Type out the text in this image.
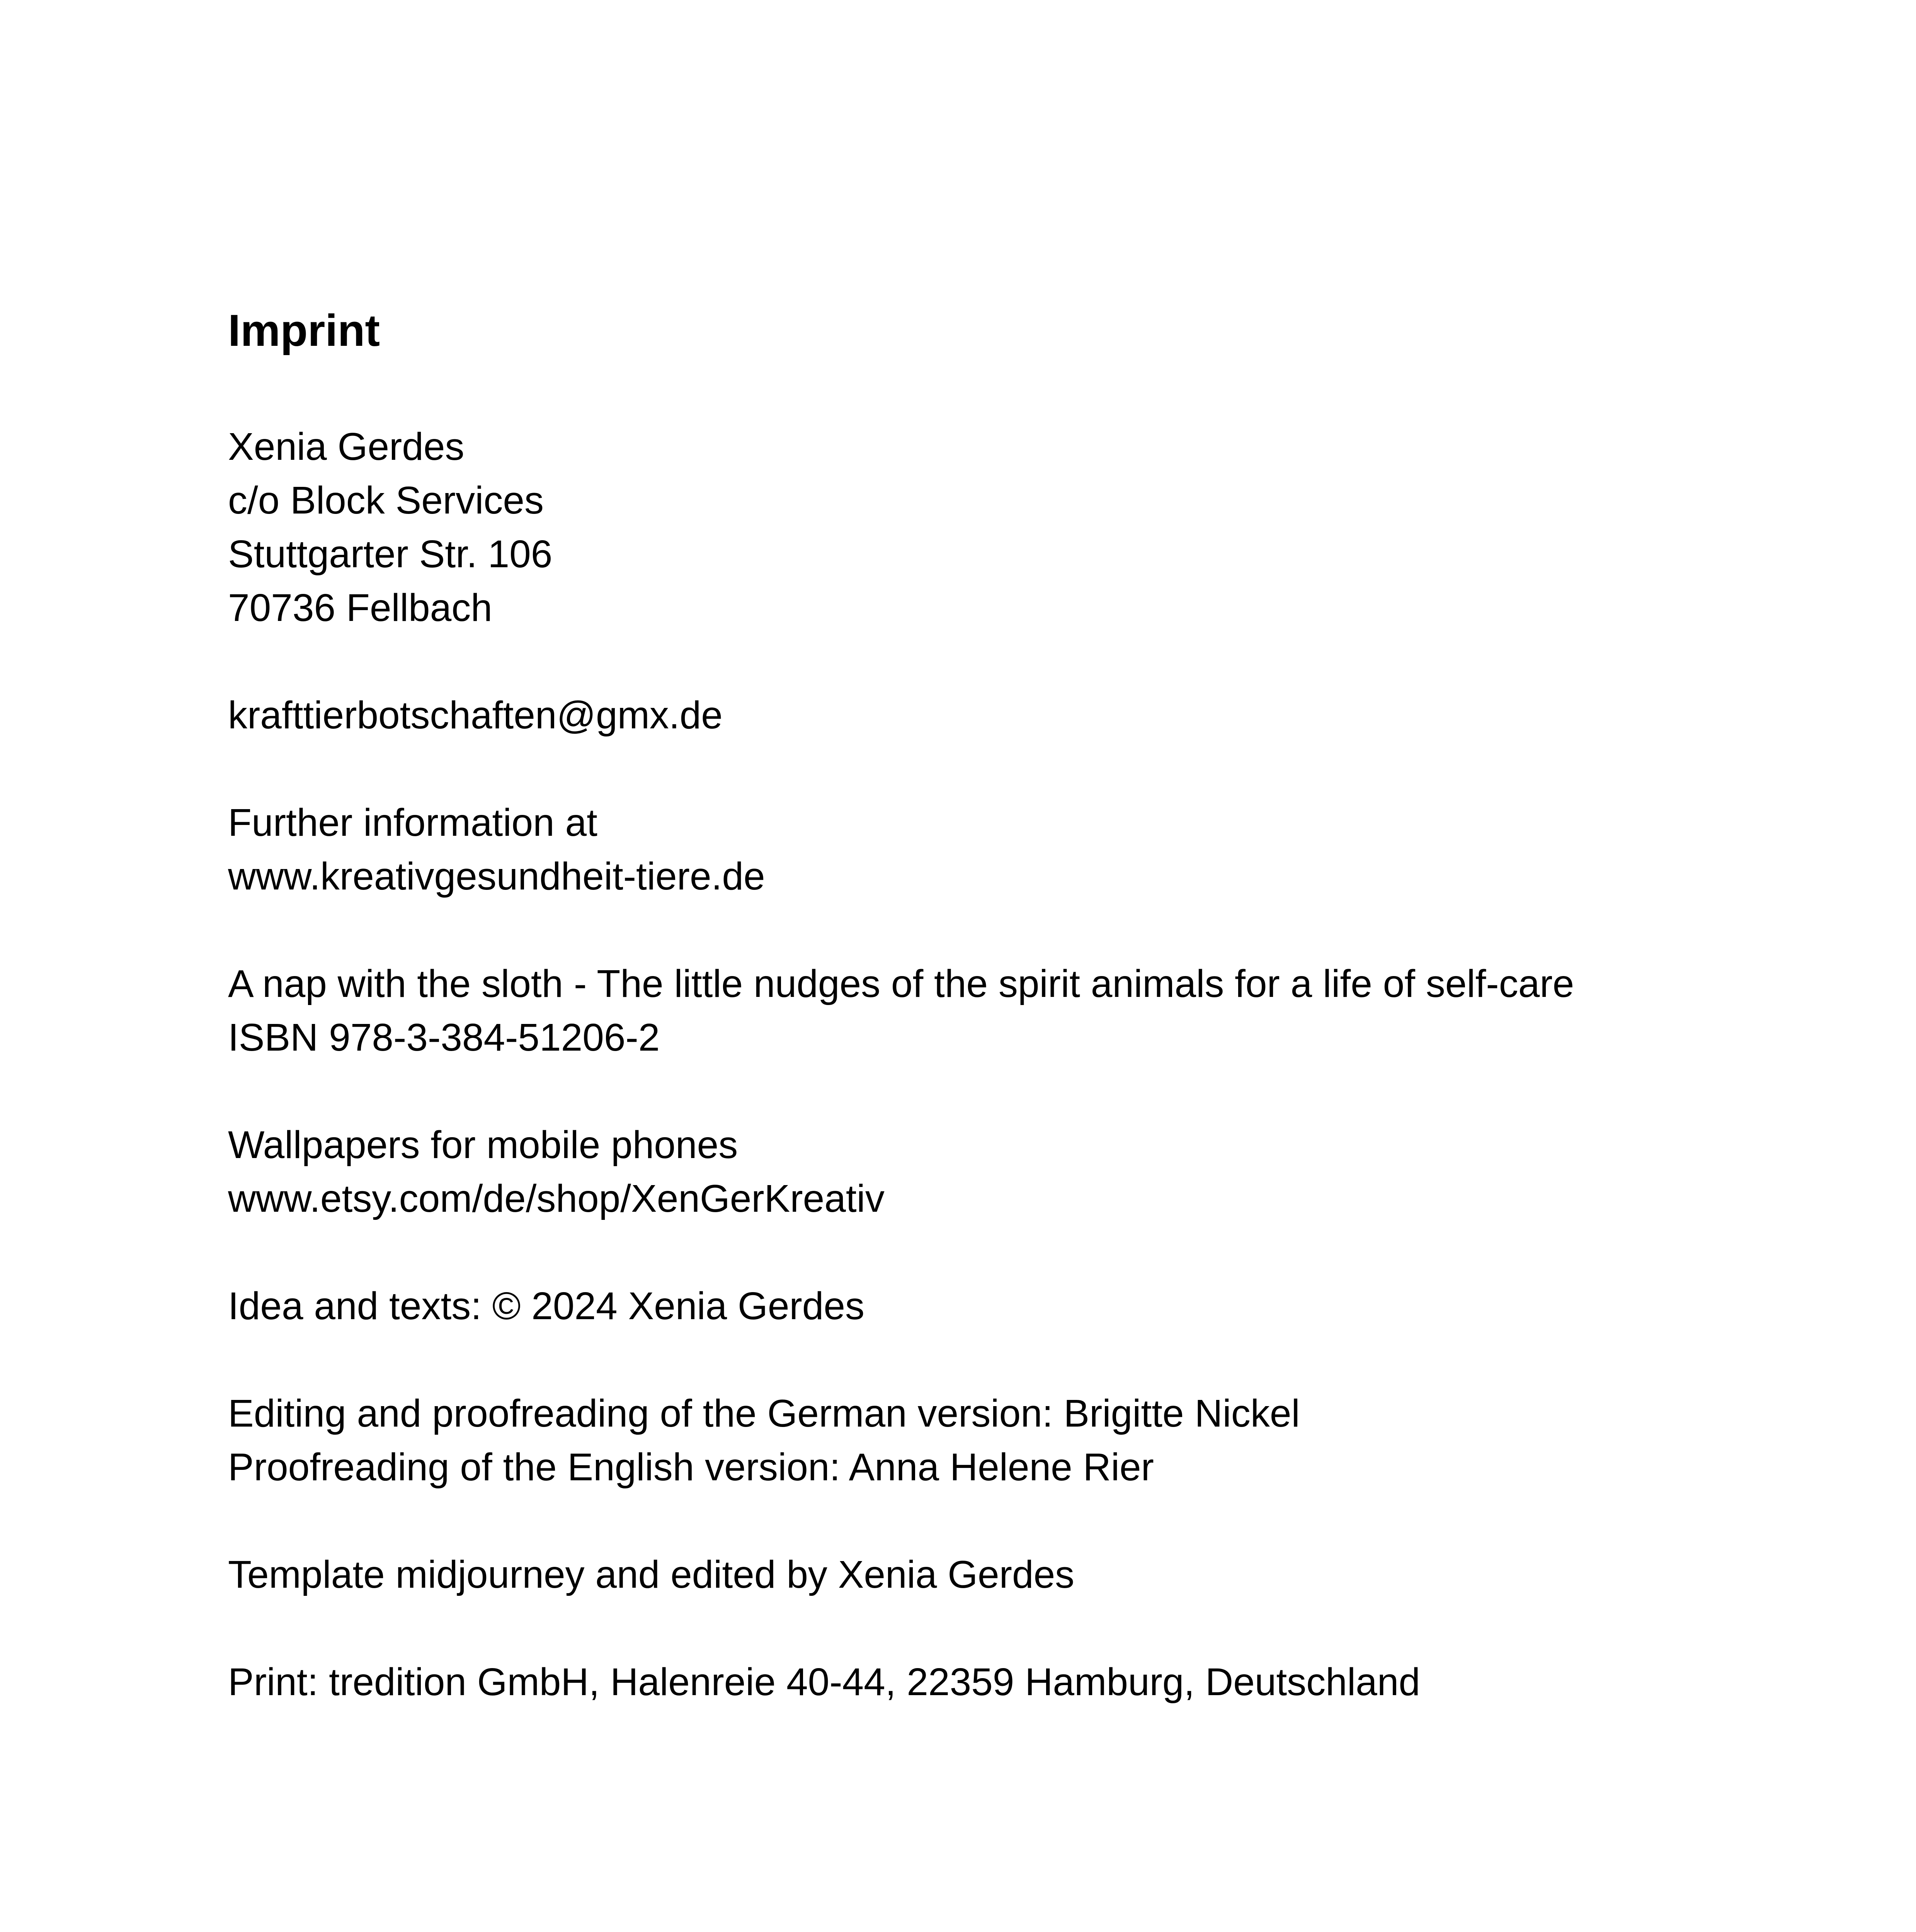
Imprint
Xenia Gerdes
c/o Block Services
Stuttgarter Str. 106
70736 Fellbach
krafttierbotschaften@gmx.de
Further information at
www.kreativgesundheit-tiere.de
A nap with the sloth - The little nudges of the spirit animals for a life of self-care
ISBN 978-3-384-51206-2
Wallpapers for mobile phones
www.etsy.com/de/shop/XenGerKreativ
Idea and texts: © 2024 Xenia Gerdes
Editing and proofreading of the German version: Brigitte Nickel
Proofreading of the English version: Anna Helene Rier
Template midjourney and edited by Xenia Gerdes
Print: tredition GmbH, Halenreie 40-44, 22359 Hamburg, Deutschland
